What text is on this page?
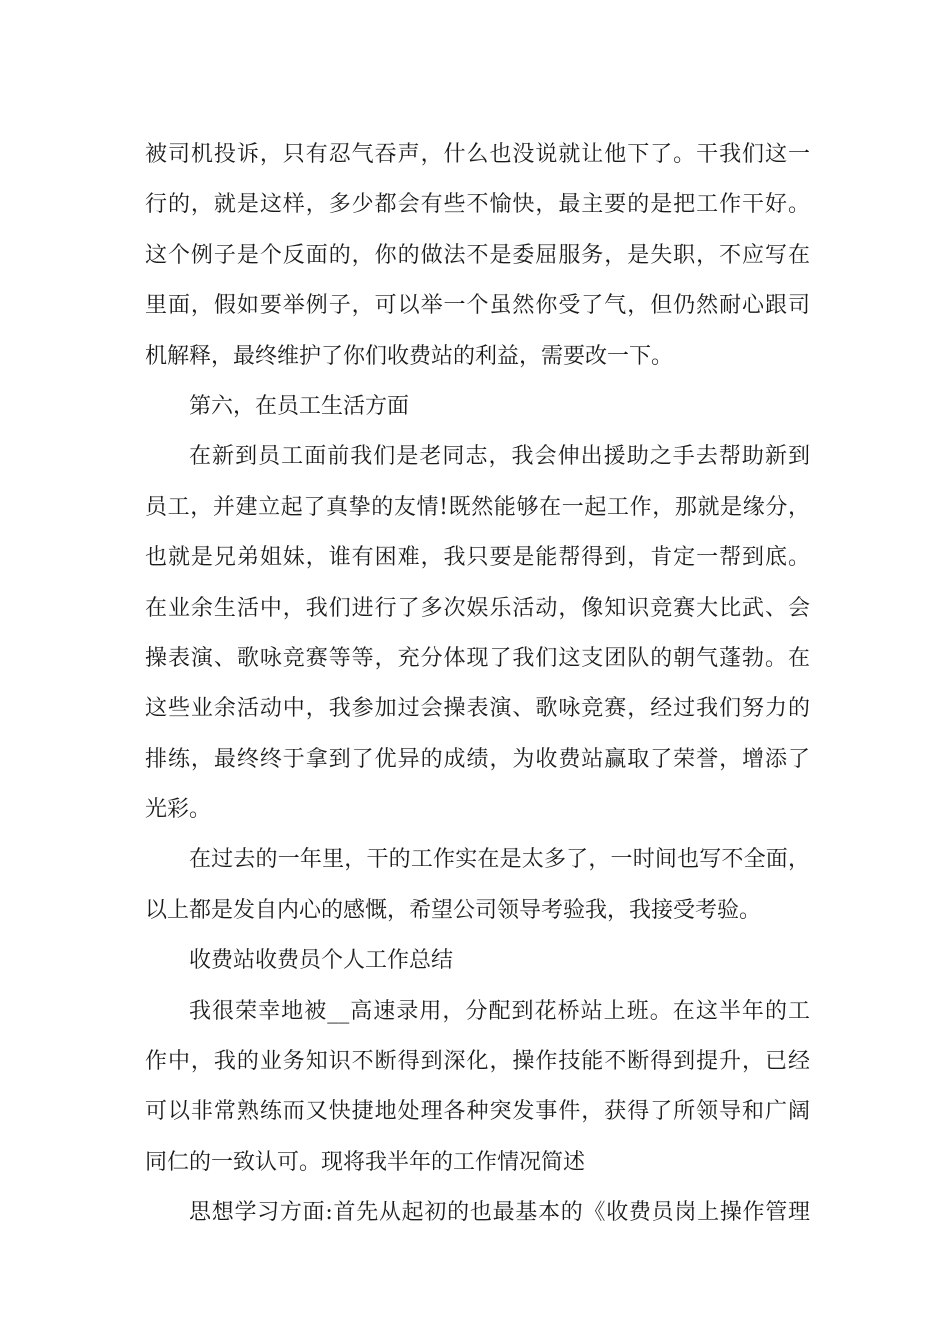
被司机投诉，只有忍气吞声，什么也没说就让他下了。干我们这一
行的，就是这样，多少都会有些不愉快，最主要的是把工作干好。
这个例子是个反面的，你的做法不是委屈服务，是失职，不应写在
里面，假如要举例子，可以举一个虽然你受了气，但仍然耐心跟司
机解释，最终维护了你们收费站的利益，需要改一下。
第六，在员工生活方面
在新到员工面前我们是老同志，我会伸出援助之手去帮助新到
员工，并建立起了真挚的友情!既然能够在一起工作，那就是缘分，
也就是兄弟姐妹，谁有困难，我只要是能帮得到，肯定一帮到底。
在业余生活中，我们进行了多次娱乐活动，像知识竞赛大比武、会
操表演、歌咏竞赛等等，充分体现了我们这支团队的朝气蓬勃。在
这些业余活动中，我参加过会操表演、歌咏竞赛，经过我们努力的
排练，最终终于拿到了优异的成绩，为收费站赢取了荣誉，增添了
光彩。
在过去的一年里，干的工作实在是太多了，一时间也写不全面，
以上都是发自内心的感慨，希望公司领导考验我，我接受考验。
收费站收费员个人工作总结
我很荣幸地被__高速录用，分配到花桥站上班。在这半年的工
作中，我的业务知识不断得到深化，操作技能不断得到提升，已经
可以非常熟练而又快捷地处理各种突发事件，获得了所领导和广阔
同仁的一致认可。现将我半年的工作情况简述
思想学习方面:首先从起初的也最基本的《收费员岗上操作管理
